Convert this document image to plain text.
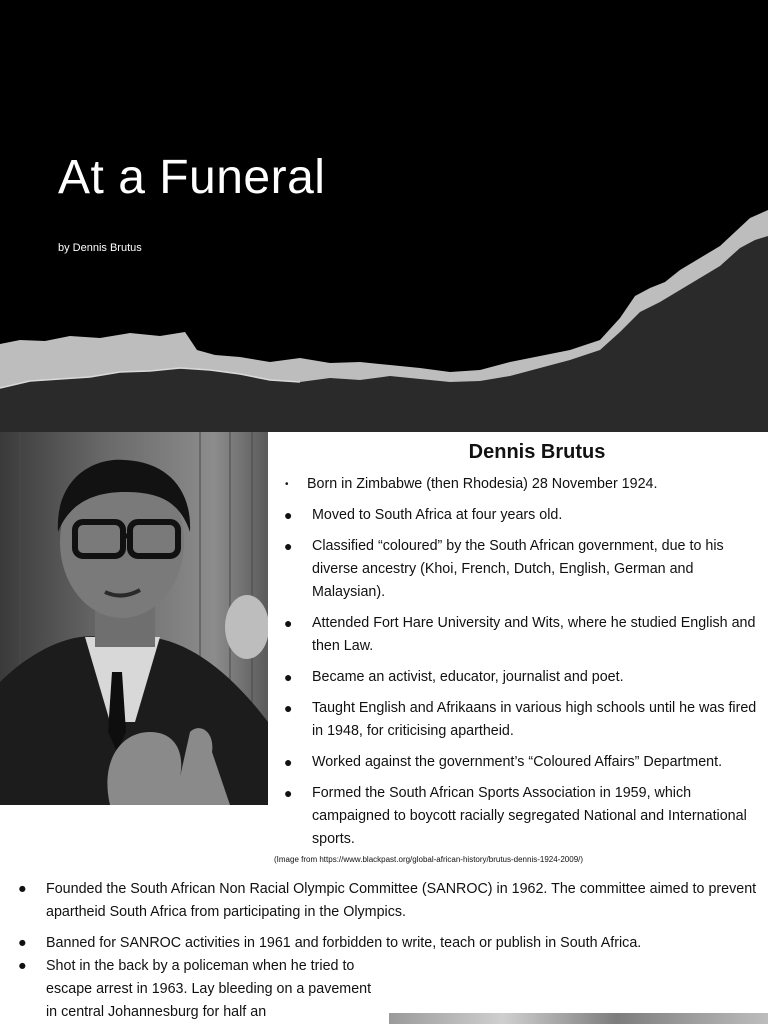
At a Funeral
by Dennis Brutus
Dennis Brutus
• Born in Zimbabwe (then Rhodesia) 28 November 1924.
● Moved to South Africa at four years old.
● Classified “coloured” by the South African government, due to his diverse ancestry (Khoi, French, Dutch, English, German and Malaysian).
● Attended Fort Hare University and Wits, where he studied English and then Law.
● Became an activist, educator, journalist and poet.
● Taught English and Afrikaans in various high schools until he was fired in 1948, for criticising apartheid.
● Worked against the government’s “Coloured Affairs” Department.
● Formed the South African Sports Association in 1959, which campaigned to boycott racially segregated National and International sports.
(Image from https://www.blackpast.org/global-african-history/brutus-dennis-1924-2009/)
● Founded the South African Non Racial Olympic Committee (SANROC) in 1962. The committee aimed to prevent apartheid South Africa from participating in the Olympics.
● Banned for SANROC activities in 1961 and forbidden to write, teach or publish in South Africa.
● Shot in the back by a policeman when he tried to escape arrest in 1963. Lay bleeding on a pavement in central Johannesburg for half an
